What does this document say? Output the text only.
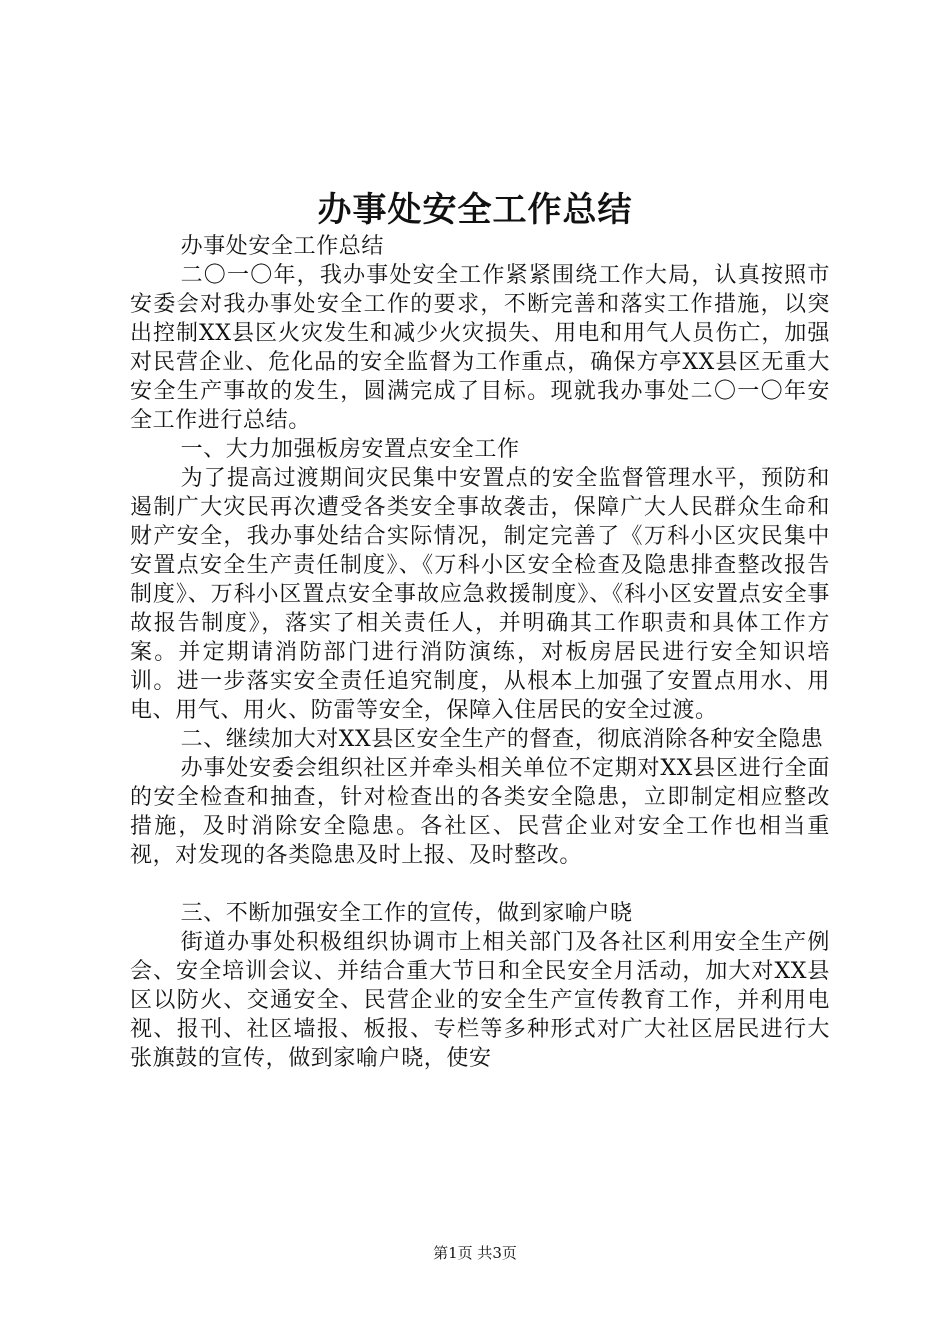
办事处安全工作总结

办事处安全工作总结

二〇一〇年，我办事处安全工作紧紧围绕工作大局，认真按照市安委会对我办事处安全工作的要求，不断完善和落实工作措施，以突出控制XX县区火灾发生和减少火灾损失、用电和用气人员伤亡，加强对民营企业、危化品的安全监督为工作重点，确保方亭XX县区无重大安全生产事故的发生，圆满完成了目标。现就我办事处二〇一〇年安全工作进行总结。

一、大力加强板房安置点安全工作

为了提高过渡期间灾民集中安置点的安全监督管理水平，预防和遏制广大灾民再次遭受各类安全事故袭击，保障广大人民群众生命和财产安全，我办事处结合实际情况，制定完善了《万科小区灾民集中安置点安全生产责任制度》、《万科小区安全检查及隐患排查整改报告制度》、万科小区置点安全事故应急救援制度》、《科小区安置点安全事故报告制度》，落实了相关责任人，并明确其工作职责和具体工作方案。并定期请消防部门进行消防演练，对板房居民进行安全知识培训。进一步落实安全责任追究制度，从根本上加强了安置点用水、用电、用气、用火、防雷等安全，保障入住居民的安全过渡。

二、继续加大对XX县区安全生产的督查，彻底消除各种安全隐患

办事处安委会组织社区并牵头相关单位不定期对XX县区进行全面的安全检查和抽查，针对检查出的各类安全隐患，立即制定相应整改措施，及时消除安全隐患。各社区、民营企业对安全工作也相当重视，对发现的各类隐患及时上报、及时整改。

三、不断加强安全工作的宣传，做到家喻户晓

街道办事处积极组织协调市上相关部门及各社区利用安全生产例会、安全培训会议、并结合重大节日和全民安全月活动，加大对XX县区以防火、交通安全、民营企业的安全生产宣传教育工作，并利用电视、报刊、社区墙报、板报、专栏等多种形式对广大社区居民进行大张旗鼓的宣传，做到家喻户晓，使安

第1页 共3页
